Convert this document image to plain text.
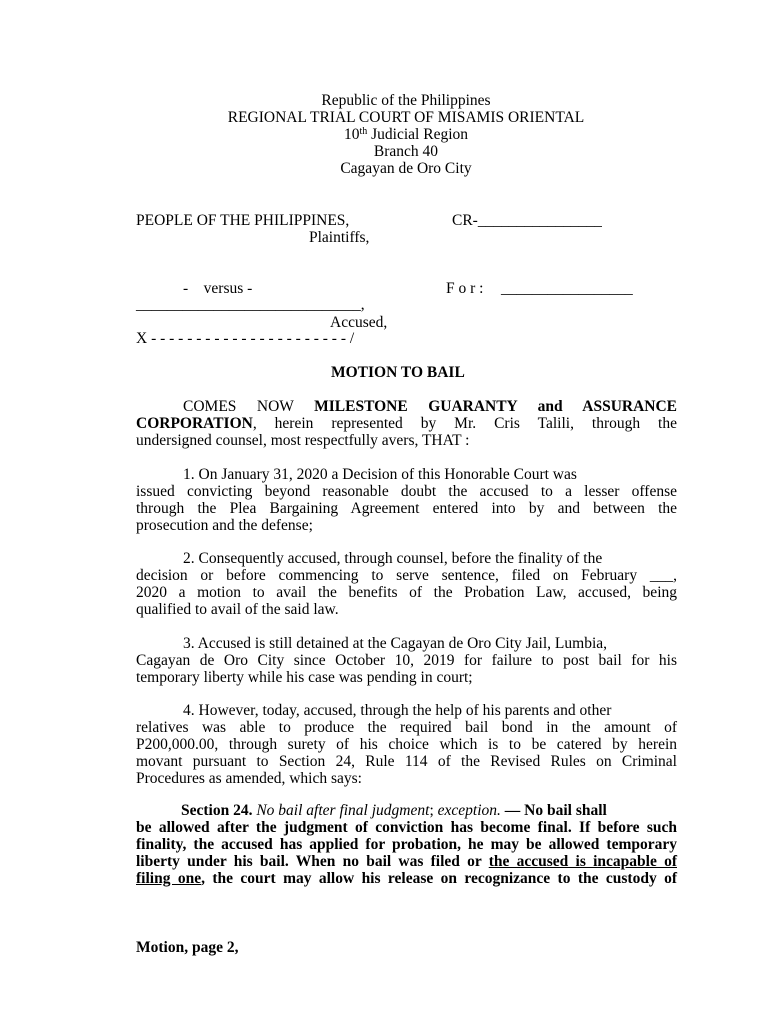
Republic of the Philippines
REGIONAL TRIAL COURT OF MISAMIS ORIENTAL
10th Judicial Region
Branch 40
Cagayan de Oro City
PEOPLE OF THE PHILIPPINES,	CR-________________
Plaintiffs,
-    versus -	F o r : _________________
_____________________________,
Accused,
X - - - - - - - - - - - - - - - - - - - - - - /
MOTION TO BAIL
COMES NOW MILESTONE GUARANTY and ASSURANCE
CORPORATION, herein represented by Mr. Cris Talili, through the
undersigned counsel, most respectfully avers, THAT :
1. On January 31, 2020 a Decision of this Honorable Court was
issued convicting beyond reasonable doubt the accused to a lesser offense
through the Plea Bargaining Agreement entered into by and between the
prosecution and the defense;
2. Consequently accused, through counsel, before the finality of the
decision or before commencing to serve sentence, filed on February ___,
2020 a motion to avail the benefits of the Probation Law, accused, being
qualified to avail of the said law.
3. Accused is still detained at the Cagayan de Oro City Jail, Lumbia,
Cagayan de Oro City since October 10, 2019 for failure to post bail for his
temporary liberty while his case was pending in court;
4. However, today, accused, through the help of his parents and other
relatives was able to produce the required bail bond in the amount of
P200,000.00, through surety of his choice which is to be catered by herein
movant pursuant to Section 24, Rule 114 of the Revised Rules on Criminal
Procedures as amended, which says:
Section 24. No bail after final judgment; exception. — No bail shall
be allowed after the judgment of conviction has become final. If before such
finality, the accused has applied for probation, he may be allowed temporary
liberty under his bail. When no bail was filed or the accused is incapable of
filing one, the court may allow his release on recognizance to the custody of
Motion, page 2,
